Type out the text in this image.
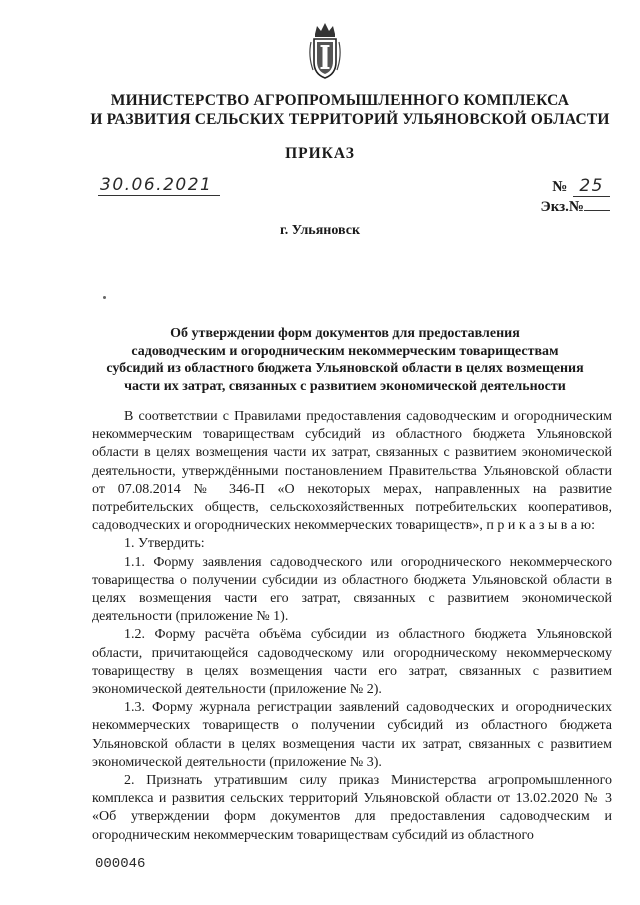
МИНИСТЕРСТВО АГРОПРОМЫШЛЕННОГО КОМПЛЕКСА
И РАЗВИТИЯ СЕЛЬСКИХ ТЕРРИТОРИЙ УЛЬЯНОВСКОЙ ОБЛАСТИ
ПРИКАЗ
30.06.2021	№ 25
Экз.№
г. Ульяновск
Об утверждении форм документов для предоставления
садоводческим и огородническим некоммерческим товариществам
субсидий из областного бюджета Ульяновской области в целях возмещения
части их затрат, связанных с развитием экономической деятельности

В соответствии с Правилами предоставления садоводческим и огородническим некоммерческим товариществам субсидий из областного бюджета Ульяновской области в целях возмещения части их затрат, связанных с развитием экономической деятельности, утверждёнными постановлением Правительства Ульяновской области от 07.08.2014 № 346-П «О некоторых мерах, направленных на развитие потребительских обществ, сельскохозяйственных потребительских кооперативов, садоводческих и огороднических некоммерческих товариществ», п р и к а з ы в а ю:

1. Утвердить:

1.1. Форму заявления садоводческого или огороднического некоммерческого товарищества о получении субсидии из областного бюджета Ульяновской области в целях возмещения части его затрат, связанных с развитием экономической деятельности (приложение № 1).

1.2. Форму расчёта объёма субсидии из областного бюджета Ульяновской области, причитающейся садоводческому или огородническому некоммерческому товариществу в целях возмещения части его затрат, связанных с развитием экономической деятельности (приложение № 2).

1.3. Форму журнала регистрации заявлений садоводческих и огороднических некоммерческих товариществ о получении субсидий из областного бюджета Ульяновской области в целях возмещения части их затрат, связанных с развитием экономической деятельности (приложение № 3).

2. Признать утратившим силу приказ Министерства агропромышленного комплекса и развития сельских территорий Ульяновской области от 13.02.2020 № 3 «Об утверждении форм документов для предоставления садоводческим и огородническим некоммерческим товариществам субсидий из областного

000046
